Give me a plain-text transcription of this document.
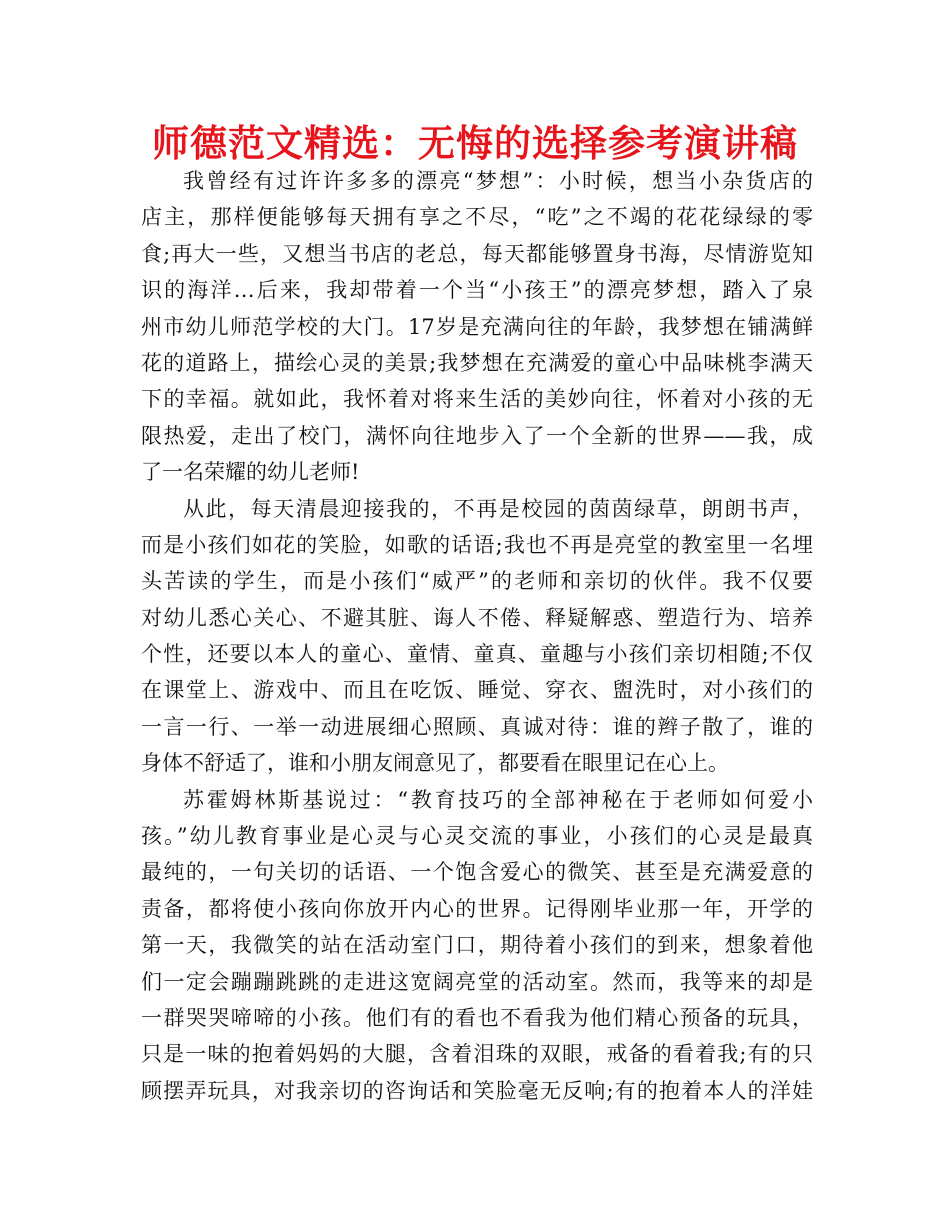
师德范文精选：无悔的选择参考演讲稿
我曾经有过许许多多的漂亮“梦想”：小时候，想当小杂货店的
店主，那样便能够每天拥有享之不尽，“吃”之不竭的花花绿绿的零
食;再大一些，又想当书店的老总，每天都能够置身书海，尽情游览知
识的海洋…后来，我却带着一个当“小孩王”的漂亮梦想，踏入了泉
州市幼儿师范学校的大门。17岁是充满向往的年龄，我梦想在铺满鲜
花的道路上，描绘心灵的美景;我梦想在充满爱的童心中品味桃李满天
下的幸福。就如此，我怀着对将来生活的美妙向往，怀着对小孩的无
限热爱，走出了校门，满怀向往地步入了一个全新的世界——我，成
了一名荣耀的幼儿老师!
从此，每天清晨迎接我的，不再是校园的茵茵绿草，朗朗书声，
而是小孩们如花的笑脸，如歌的话语;我也不再是亮堂的教室里一名埋
头苦读的学生，而是小孩们“威严”的老师和亲切的伙伴。我不仅要
对幼儿悉心关心、不避其脏、诲人不倦、释疑解惑、塑造行为、培养
个性，还要以本人的童心、童情、童真、童趣与小孩们亲切相随;不仅
在课堂上、游戏中、而且在吃饭、睡觉、穿衣、盥洗时，对小孩们的
一言一行、一举一动进展细心照顾、真诚对待：谁的辫子散了，谁的
身体不舒适了，谁和小朋友闹意见了，都要看在眼里记在心上。
苏霍姆林斯基说过：“教育技巧的全部神秘在于老师如何爱小
孩。”幼儿教育事业是心灵与心灵交流的事业，小孩们的心灵是最真
最纯的，一句关切的话语、一个饱含爱心的微笑、甚至是充满爱意的
责备，都将使小孩向你放开内心的世界。记得刚毕业那一年，开学的
第一天，我微笑的站在活动室门口，期待着小孩们的到来，想象着他
们一定会蹦蹦跳跳的走进这宽阔亮堂的活动室。然而，我等来的却是
一群哭哭啼啼的小孩。他们有的看也不看我为他们精心预备的玩具，
只是一味的抱着妈妈的大腿，含着泪珠的双眼，戒备的看着我;有的只
顾摆弄玩具，对我亲切的咨询话和笑脸毫无反响;有的抱着本人的洋娃
